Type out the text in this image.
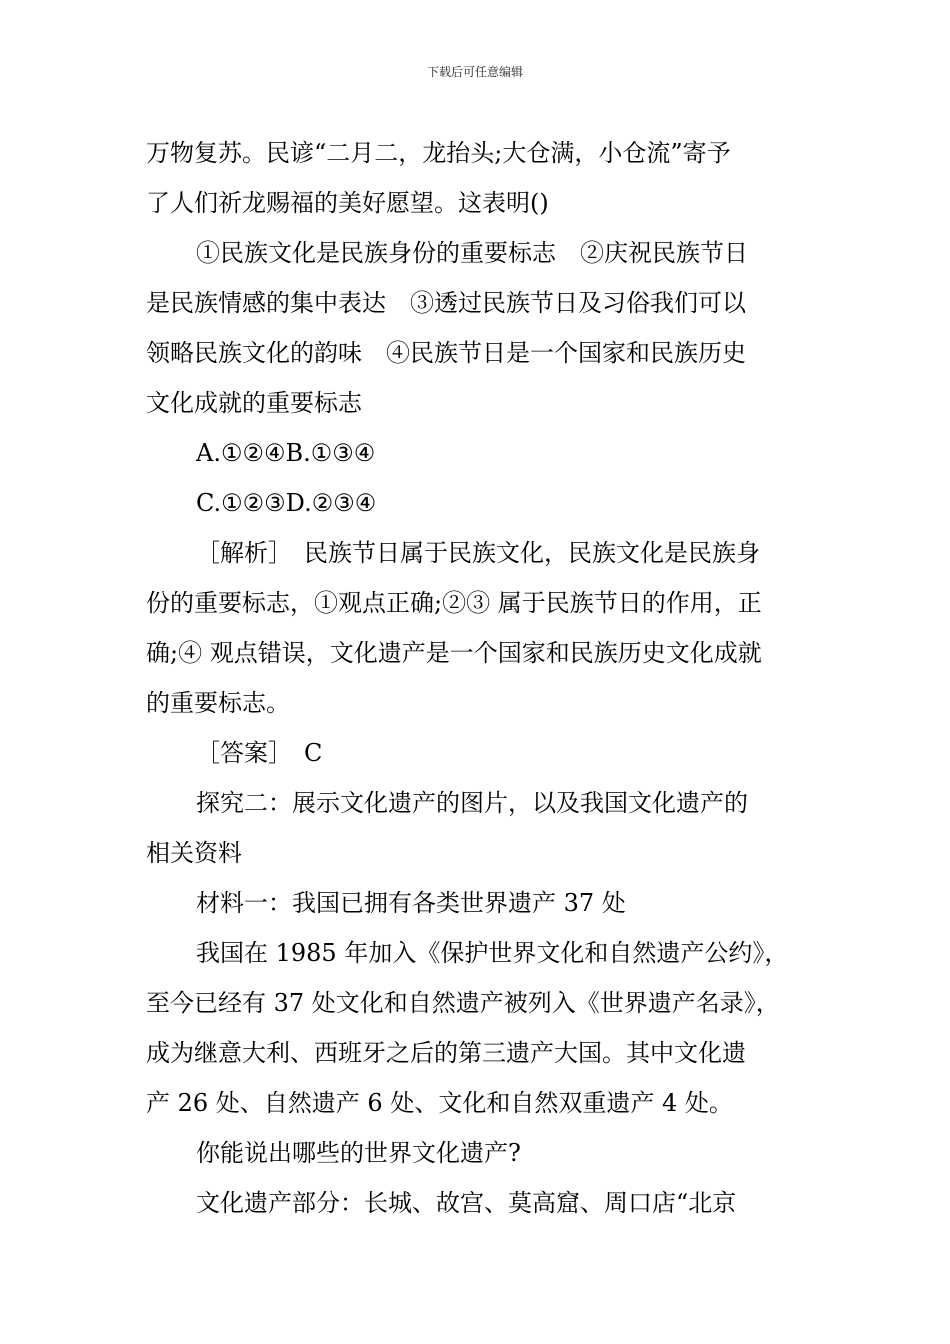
下载后可任意编辑
万物复苏。民谚“二月二，龙抬头;大仓满，小仓流”寄予
了人们祈龙赐福的美好愿望。这表明()
①民族文化是民族身份的重要标志　②庆祝民族节日
是民族情感的集中表达　③透过民族节日及习俗我们可以
领略民族文化的韵味　④民族节日是一个国家和民族历史
文化成就的重要标志
A.①②④B.①③④
C.①②③D.②③④
［解析］　民族节日属于民族文化，民族文化是民族身
份的重要标志，①观点正确;②③ 属于民族节日的作用，正
确;④ 观点错误，文化遗产是一个国家和民族历史文化成就
的重要标志。
［答案］　C
探究二：展示文化遗产的图片，以及我国文化遗产的
相关资料
材料一：我国已拥有各类世界遗产 37 处
我国在 1985 年加入《保护世界文化和自然遗产公约》，
至今已经有 37 处文化和自然遗产被列入《世界遗产名录》，
成为继意大利、西班牙之后的第三遗产大国。其中文化遗
产 26 处、自然遗产 6 处、文化和自然双重遗产 4 处。
你能说出哪些的世界文化遗产?
文化遗产部分：长城、故宫、莫高窟、周口店“北京
